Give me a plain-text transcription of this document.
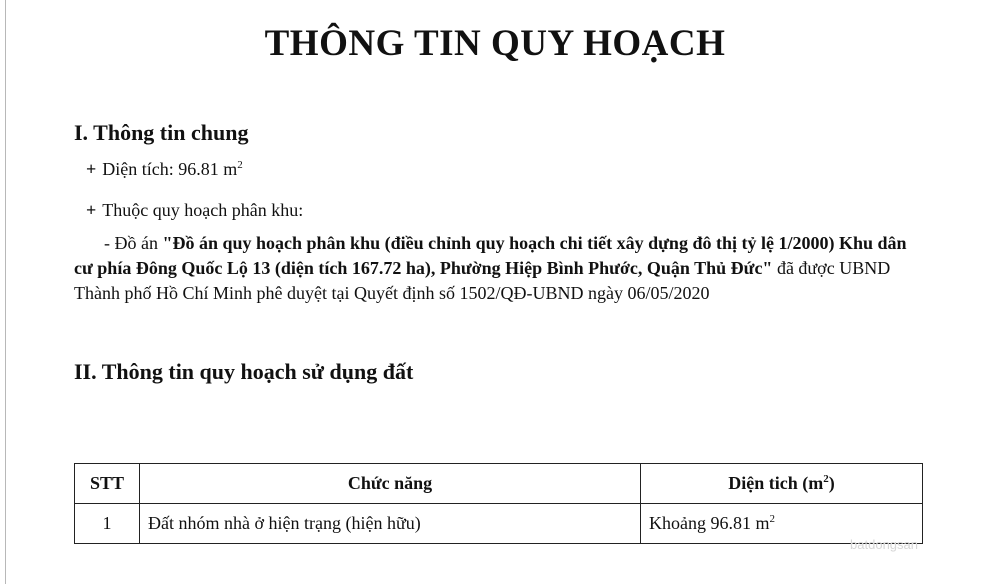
THÔNG TIN QUY HOẠCH
I. Thông tin chung
+ Diện tích: 96.81 $m^2$
+ Thuộc quy hoạch phân khu:

- Đồ án "Đồ án quy hoạch phân khu (điều chỉnh quy hoạch chi tiết xây dựng đô thị tỷ lệ 1/2000) Khu dân cư phía Đông Quốc Lộ 13 (diện tích 167.72 ha), Phường Hiệp Bình Phước, Quận Thủ Đức" đã được UBND Thành phố Hồ Chí Minh phê duyệt tại Quyết định số 1502/QĐ-UBND ngày 06/05/2020

II. Thông tin quy hoạch sử dụng đất
STT	Chức năng	Diện tich $(m^2)$
1	Đất nhóm nhà ở hiện trạng (hiện hữu)	Khoảng 96.81 $m^2$
batdongsan
